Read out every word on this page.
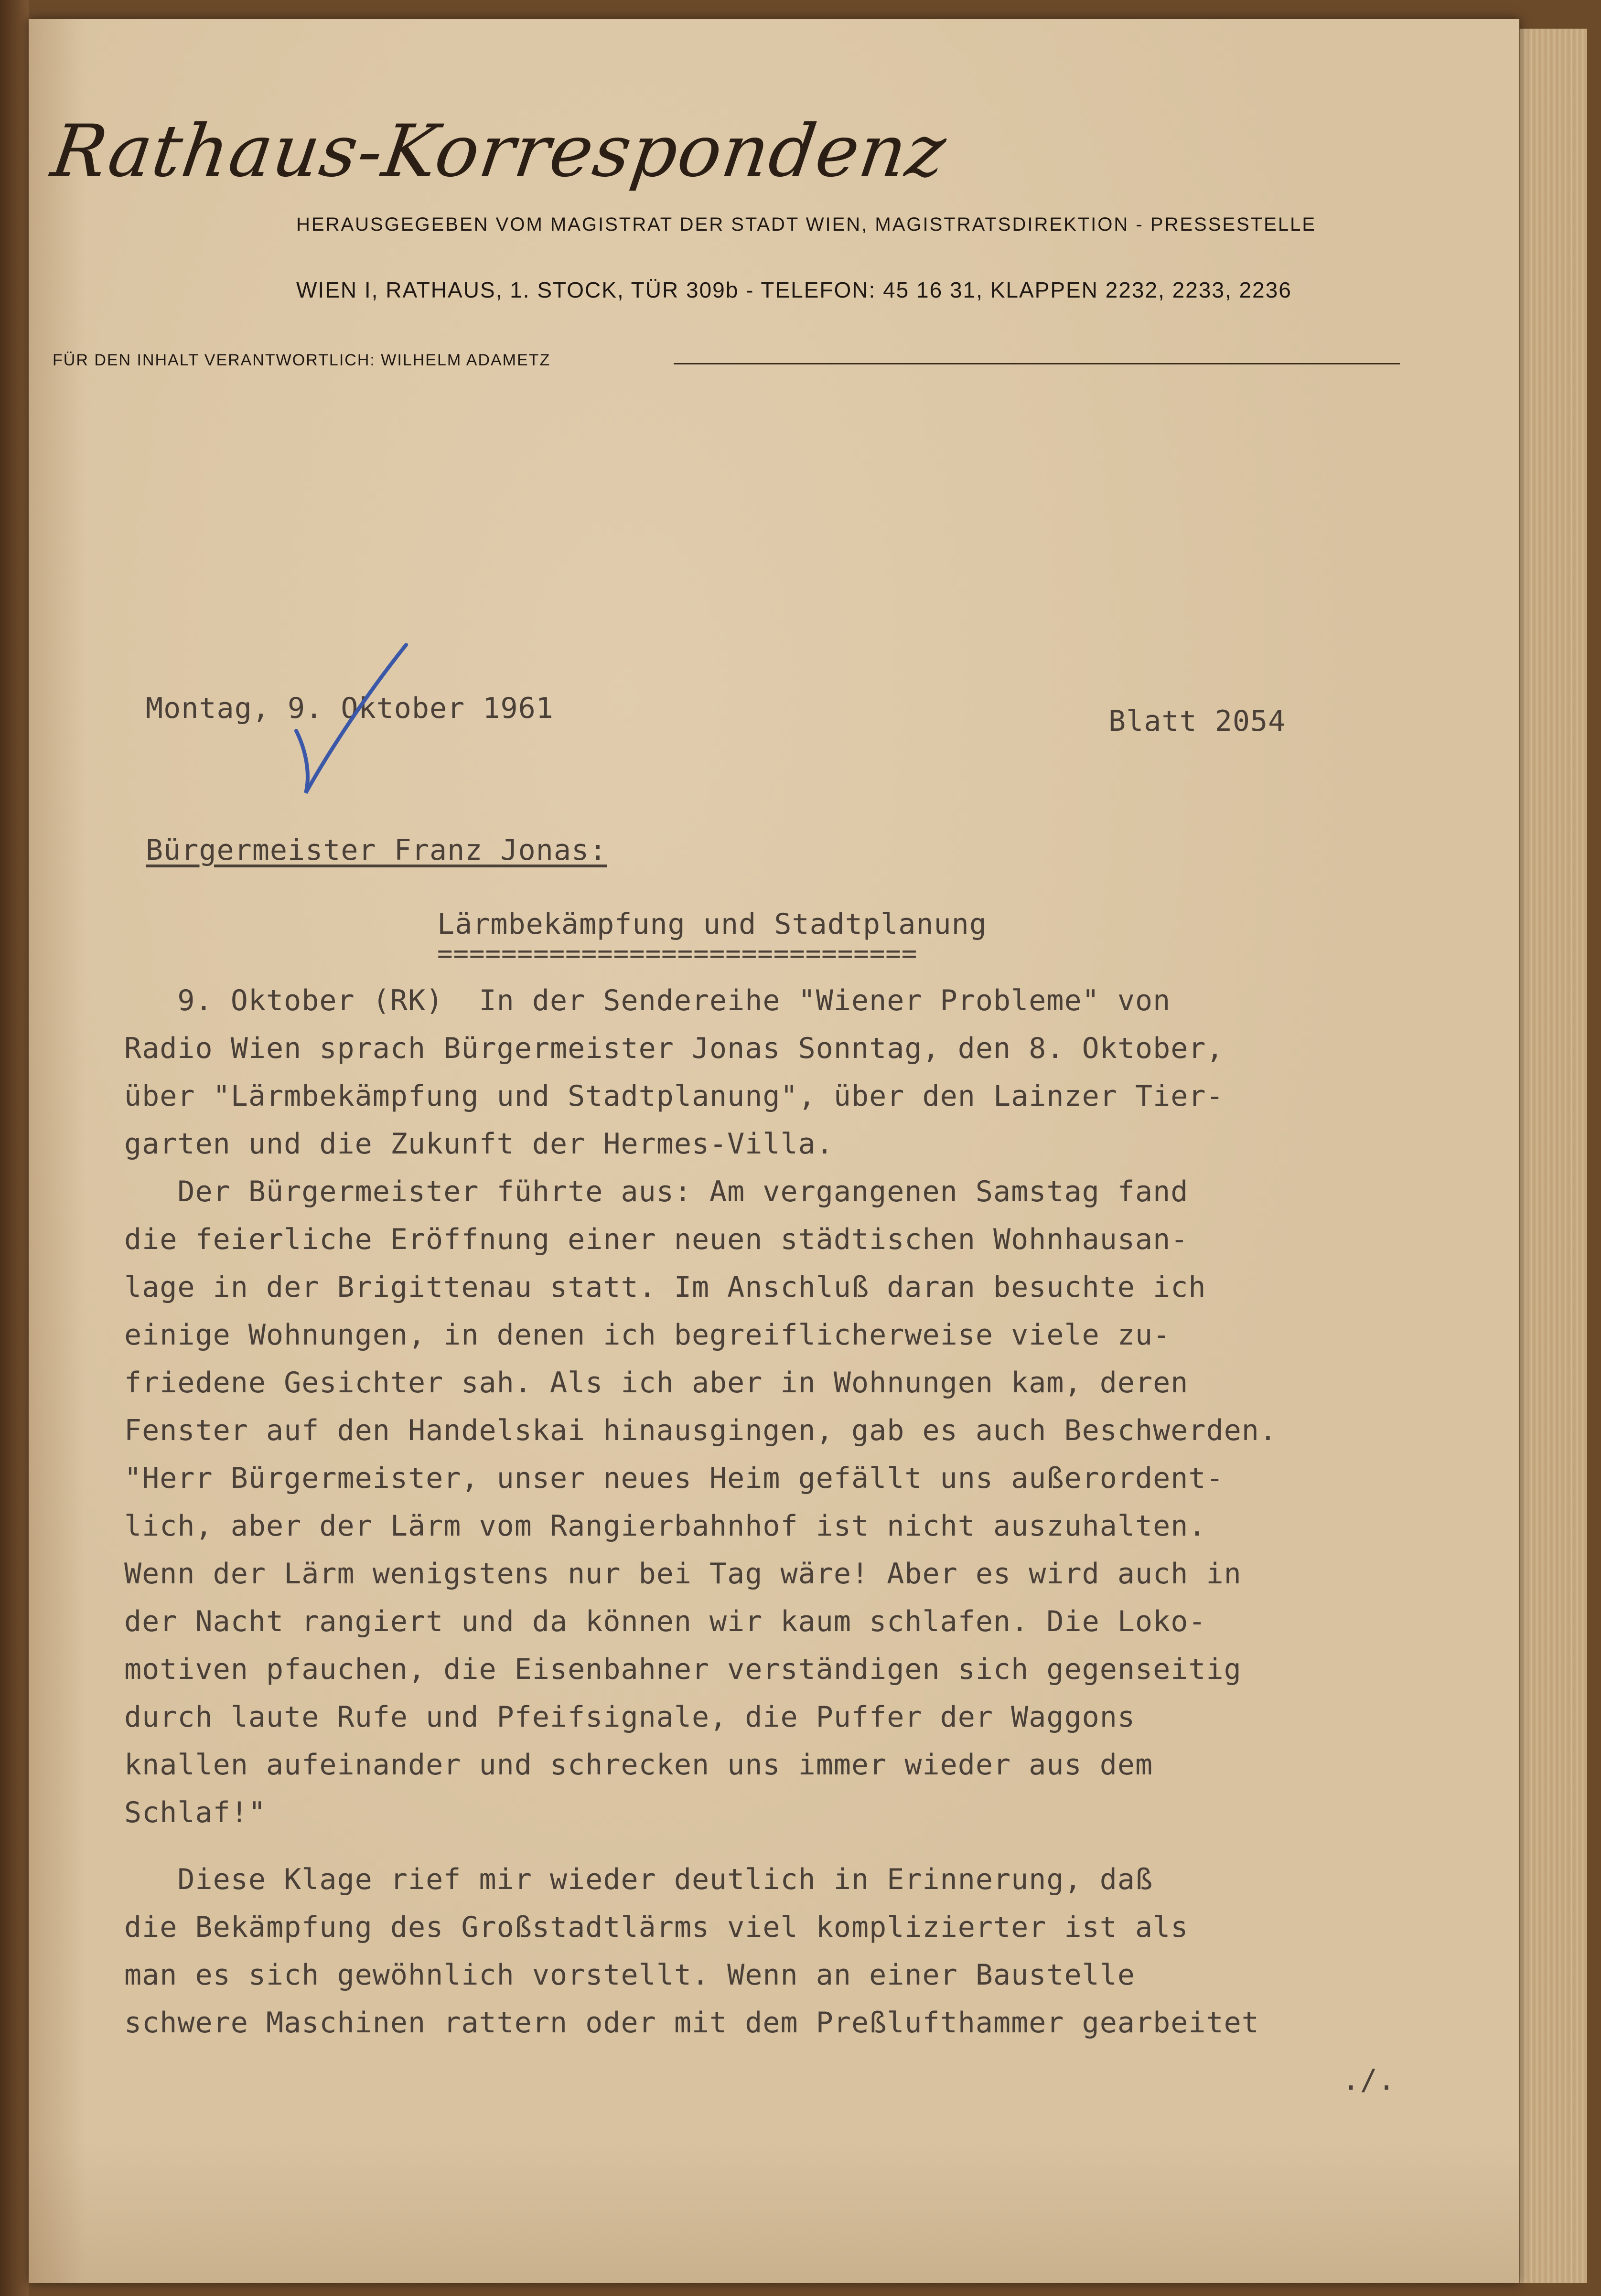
Rathaus-Korrespondenz
HERAUSGEGEBEN VOM MAGISTRAT DER STADT WIEN, MAGISTRATSDIREKTION - PRESSESTELLE
WIEN I, RATHAUS, 1. STOCK, TÜR 309b - TELEFON: 45 16 31, KLAPPEN 2232, 2233, 2236
FÜR DEN INHALT VERANTWORTLICH: WILHELM ADAMETZ
Montag, 9. Oktober 1961	Blatt 2054
Bürgermeister Franz Jonas:
Lärmbekämpfung und Stadtplanung
==============================
9. Oktober (RK)  In der Sendereihe "Wiener Probleme" von
Radio Wien sprach Bürgermeister Jonas Sonntag, den 8. Oktober,
über "Lärmbekämpfung und Stadtplanung", über den Lainzer Tier-
garten und die Zukunft der Hermes-Villa.
Der Bürgermeister führte aus: Am vergangenen Samstag fand
die feierliche Eröffnung einer neuen städtischen Wohnhausan-
lage in der Brigittenau statt. Im Anschluß daran besuchte ich
einige Wohnungen, in denen ich begreiflicherweise viele zu-
friedene Gesichter sah. Als ich aber in Wohnungen kam, deren
Fenster auf den Handelskai hinausgingen, gab es auch Beschwerden.
"Herr Bürgermeister, unser neues Heim gefällt uns außerordent-
lich, aber der Lärm vom Rangierbahnhof ist nicht auszuhalten.
Wenn der Lärm wenigstens nur bei Tag wäre! Aber es wird auch in
der Nacht rangiert und da können wir kaum schlafen. Die Loko-
motiven pfauchen, die Eisenbahner verständigen sich gegenseitig
durch laute Rufe und Pfeifsignale, die Puffer der Waggons
knallen aufeinander und schrecken uns immer wieder aus dem
Schlaf!"
Diese Klage rief mir wieder deutlich in Erinnerung, daß
die Bekämpfung des Großstadtlärms viel komplizierter ist als
man es sich gewöhnlich vorstellt. Wenn an einer Baustelle
schwere Maschinen rattern oder mit dem Preßlufthammer gearbeitet
./.
